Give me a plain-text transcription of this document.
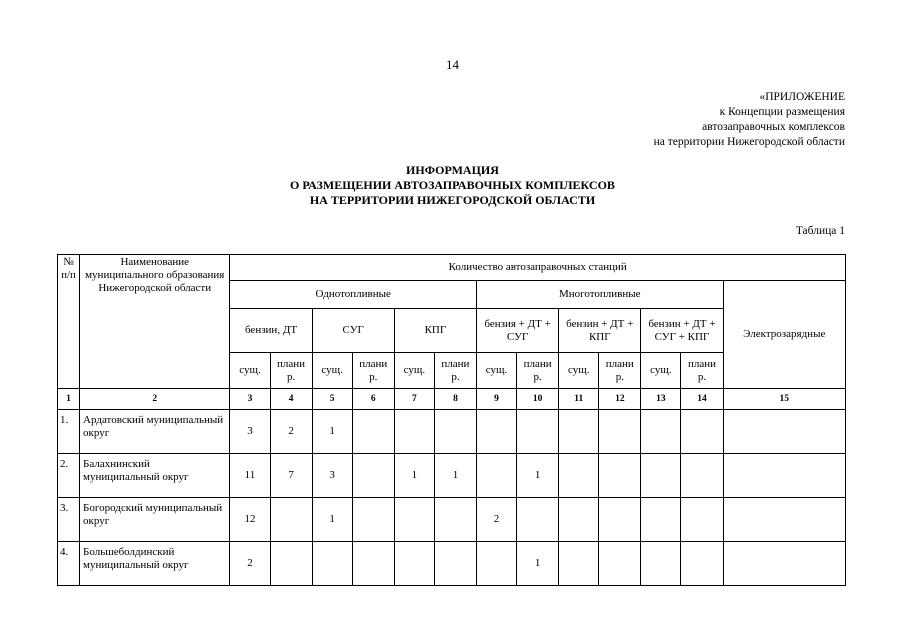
14
«ПРИЛОЖЕНИЕ
к Концепции размещения
автозаправочных комплексов
на территории Нижегородской области
ИНФОРМАЦИЯ
О РАЗМЕЩЕНИИ АВТОЗАПРАВОЧНЫХ КОМПЛЕКСОВ
НА ТЕРРИТОРИИ НИЖЕГОРОДСКОЙ ОБЛАСТИ
Таблица 1
№ п/п	Наименование муниципального образования Нижегородской области	Количество автозаправочных станций												
		Однотопливные						Многотопливные						Электрозарядные
		бензин, ДТ		СУГ		КПГ		бензия + ДТ + СУГ		бензин + ДТ + КПГ		бензин + ДТ + СУГ + КПГ		
		сущ.	плани р.	сущ.	плани р.	сущ.	плани р.	сущ.	плани р.	сущ.	плани р.	сущ.	плани р.	
1	2	3	4	5	6	7	8	9	10	11	12	13	14	15
1.	Ардатовский муниципальный округ	3	2	1										
2.	Балахнинский муниципальный округ	11	7	3		1	1		1					
3.	Богородский муниципальный округ	12		1				2						
4.	Большеболдинский муниципальный округ	2							1					
